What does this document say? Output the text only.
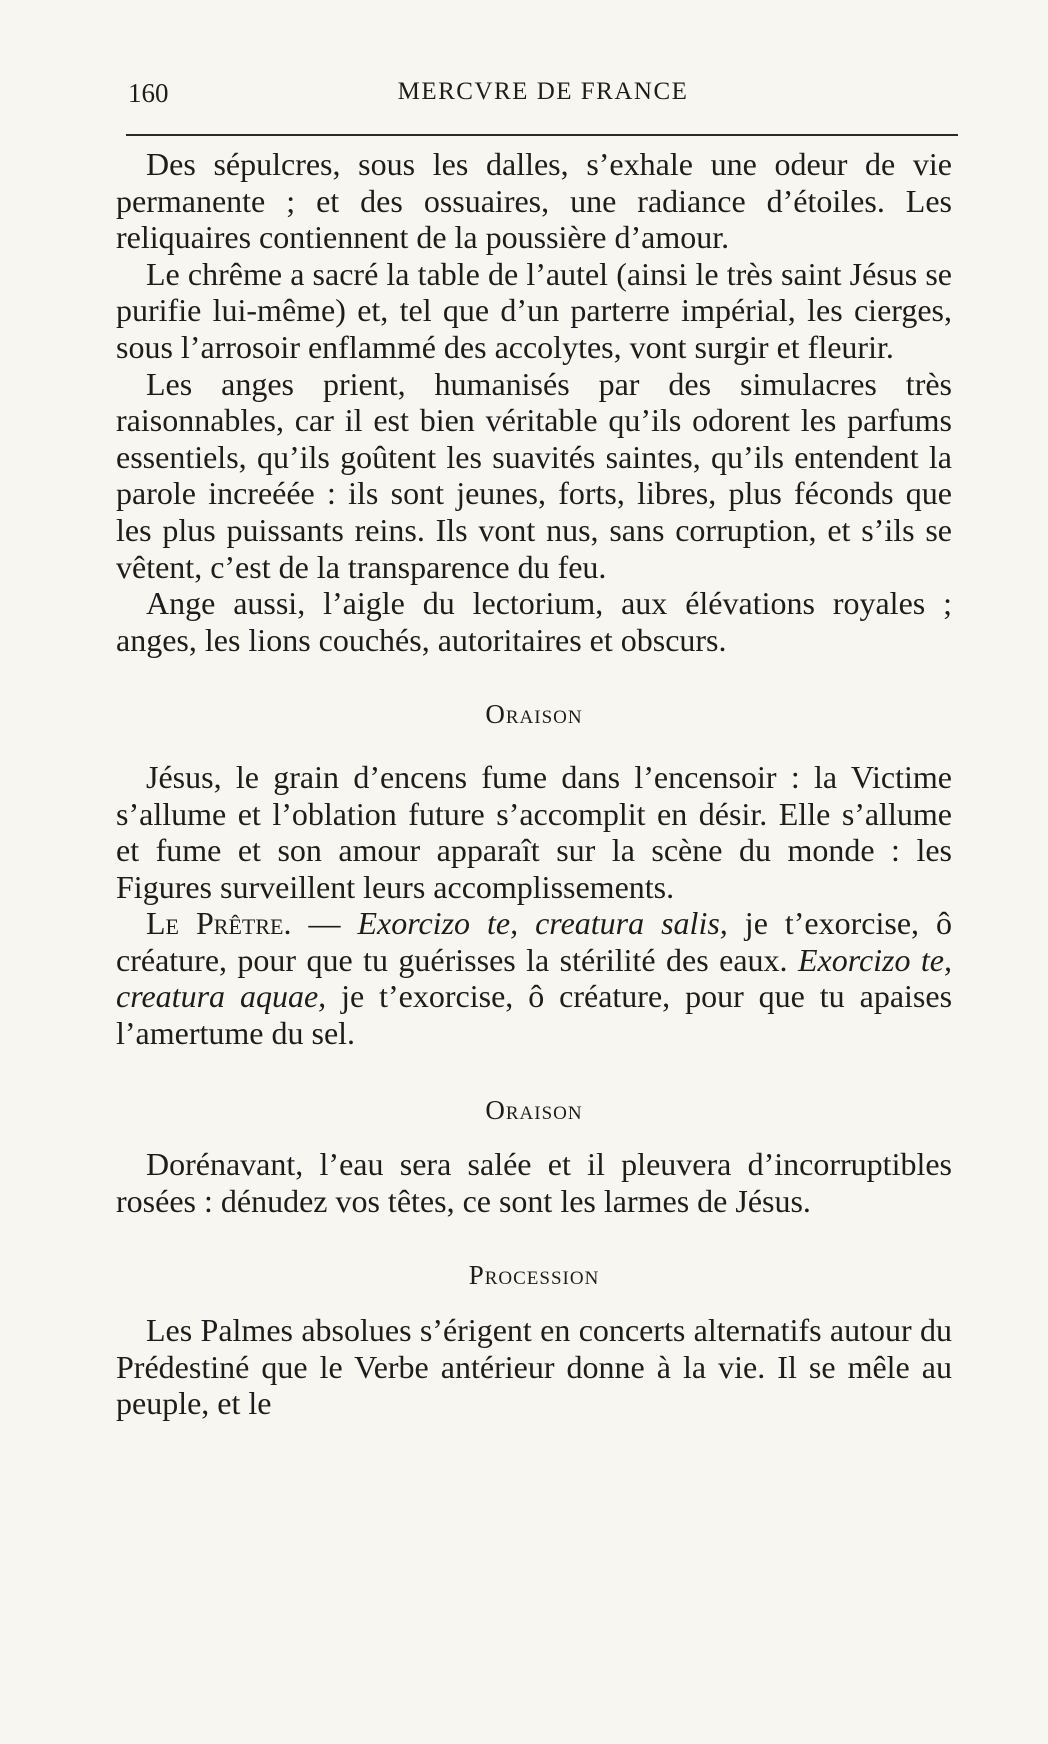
160	MERCVRE DE FRANCE

Des sépulcres, sous les dalles, s’exhale une odeur de vie permanente ; et des ossuaires, une radiance d’étoiles. Les reliquaires contiennent de la poussière d’amour.

Le chrême a sacré la table de l’autel (ainsi le très saint Jésus se purifie lui-même) et, tel que d’un parterre impérial, les cierges, sous l’arrosoir enflammé des accolytes, vont surgir et fleurir.

Les anges prient, humanisés par des simulacres très raisonnables, car il est bien véritable qu’ils odorent les parfums essentiels, qu’ils goûtent les suavités saintes, qu’ils entendent la parole increéée : ils sont jeunes, forts, libres, plus féconds que les plus puissants reins. Ils vont nus, sans corruption, et s’ils se vêtent, c’est de la transparence du feu.

Ange aussi, l’aigle du lectorium, aux élévations royales ; anges, les lions couchés, autoritaires et obscurs.

Oraison

Jésus, le grain d’encens fume dans l’encensoir : la Victime s’allume et l’oblation future s’accomplit en désir. Elle s’allume et fume et son amour apparaît sur la scène du monde : les Figures surveillent leurs accomplissements.

Le Prêtre. — Exorcizo te, creatura salis, je t’exorcise, ô créature, pour que tu guérisses la stérilité des eaux. Exorcizo te, creatura aquae, je t’exorcise, ô créature, pour que tu apaises l’amertume du sel.

Oraison

Dorénavant, l’eau sera salée et il pleuvera d’incorruptibles rosées : dénudez vos têtes, ce sont les larmes de Jésus.

Procession

Les Palmes absolues s’érigent en concerts alternatifs autour du Prédestiné que le Verbe antérieur donne à la vie. Il se mêle au peuple, et le
